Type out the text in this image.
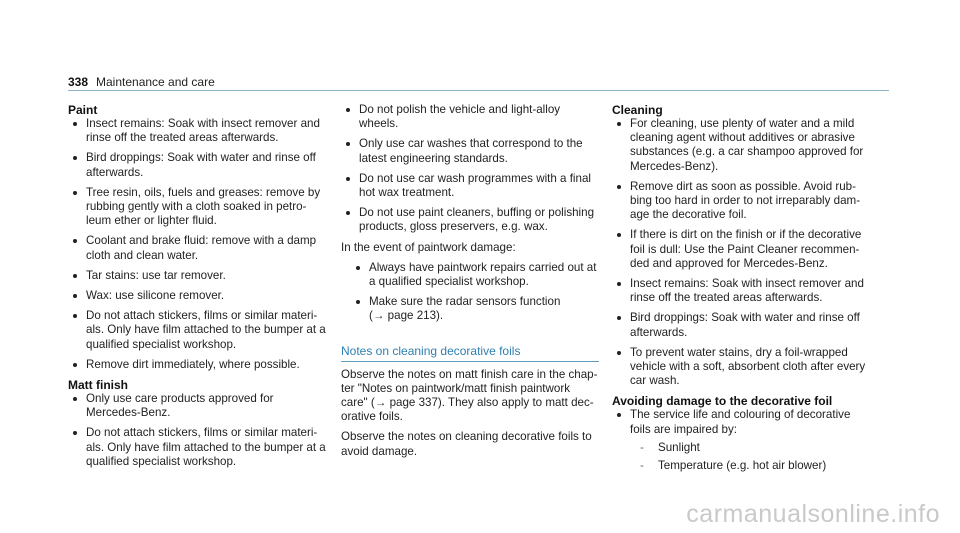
338 Maintenance and care
Paint
Insect remains: Soak with insect remover and rinse off the treated areas afterwards.
Bird droppings: Soak with water and rinse off afterwards.
Tree resin, oils, fuels and greases: remove by rubbing gently with a cloth soaked in petro-leum ether or lighter fluid.
Coolant and brake fluid: remove with a damp cloth and clean water.
Tar stains: use tar remover.
Wax: use silicone remover.
Do not attach stickers, films or similar materi-als. Only have film attached to the bumper at a qualified specialist workshop.
Remove dirt immediately, where possible.
Matt finish
Only use care products approved for Mercedes-Benz.
Do not attach stickers, films or similar materi-als. Only have film attached to the bumper at a qualified specialist workshop.
Do not polish the vehicle and light-alloy wheels.
Only use car washes that correspond to the latest engineering standards.
Do not use car wash programmes with a final hot wax treatment.
Do not use paint cleaners, buffing or polishing products, gloss preservers, e.g. wax.

In the event of paintwork damage:

Always have paintwork repairs carried out at a qualified specialist workshop.
Make sure the radar sensors function
(→ page 213).
Notes on cleaning decorative foils

Observe the notes on matt finish care in the chap-ter "Notes on paintwork/matt finish paintwork care" (→ page 337). They also apply to matt dec-orative foils.

Observe the notes on cleaning decorative foils to avoid damage.

Cleaning
For cleaning, use plenty of water and a mild cleaning agent without additives or abrasive substances (e.g. a car shampoo approved for Mercedes-Benz).
Remove dirt as soon as possible. Avoid rub-bing too hard in order to not irreparably dam-age the decorative foil.
If there is dirt on the finish or if the decorative foil is dull: Use the Paint Cleaner recommen-ded and approved for Mercedes-Benz.
Insect remains: Soak with insect remover and rinse off the treated areas afterwards.
Bird droppings: Soak with water and rinse off afterwards.
To prevent water stains, dry a foil-wrapped vehicle with a soft, absorbent cloth after every car wash.
Avoiding damage to the decorative foil
The service life and colouring of decorative foils are impaired by:
- Sunlight
- Temperature (e.g. hot air blower)
carmanualsonline.info
